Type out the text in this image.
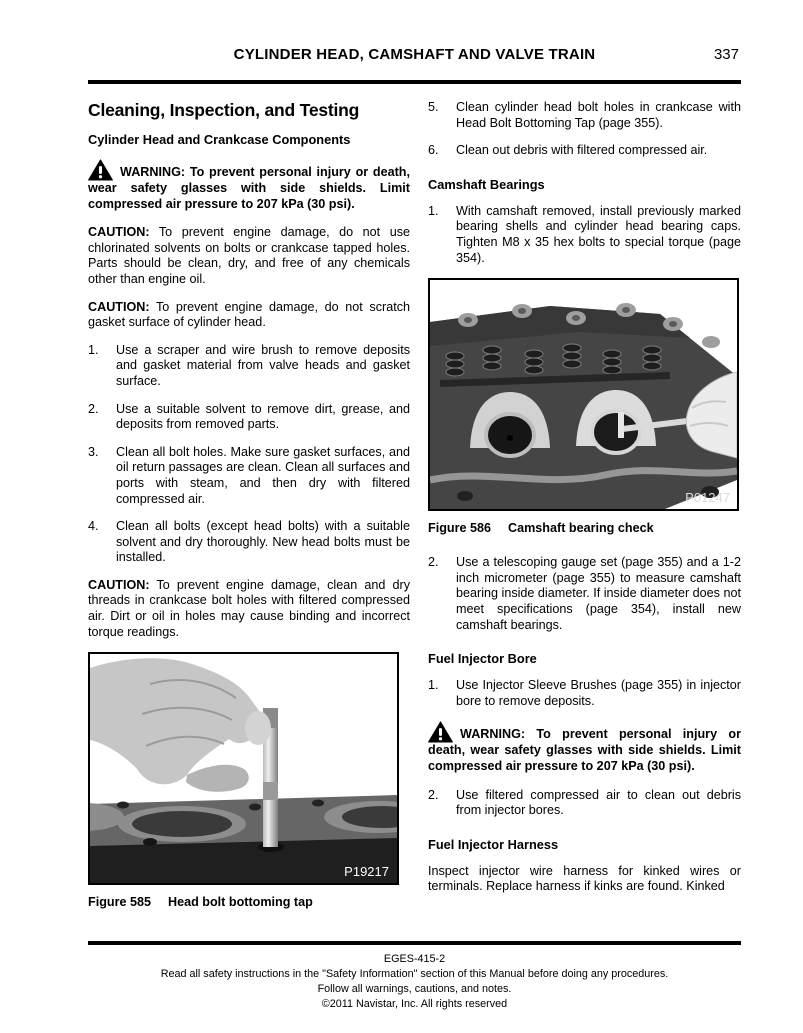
CYLINDER HEAD, CAMSHAFT AND VALVE TRAIN	337
Cleaning, Inspection, and Testing
Cylinder Head and Crankcase Components

WARNING: To prevent personal injury or death, wear safety glasses with side shields. Limit compressed air pressure to 207 kPa (30 psi).

CAUTION: To prevent engine damage, do not use chlorinated solvents on bolts or crankcase tapped holes. Parts should be clean, dry, and free of any chemicals other than engine oil.

CAUTION: To prevent engine damage, do not scratch gasket surface of cylinder head.

1.	Use a scraper and wire brush to remove deposits and gasket material from valve heads and gasket surface.
2.	Use a suitable solvent to remove dirt, grease, and deposits from removed parts.
3.	Clean all bolt holes. Make sure gasket surfaces, and oil return passages are clean. Clean all surfaces and ports with steam, and then dry with filtered compressed air.
4.	Clean all bolts (except head bolts) with a suitable solvent and dry thoroughly. New head bolts must be installed.

CAUTION: To prevent engine damage, clean and dry threads in crankcase bolt holes with filtered compressed air. Dirt or oil in holes may cause binding and incorrect torque readings.

P19217
Figure 585 Head bolt bottoming tap
5.	Clean cylinder head bolt holes in crankcase with Head Bolt Bottoming Tap (page 355).
6.	Clean out debris with filtered compressed air.
Camshaft Bearings
1.	With camshaft removed, install previously marked bearing shells and cylinder head bearing caps. Tighten M8 x 35 hex bolts to special torque (page 354).
P01247
Figure 586 Camshaft bearing check
2.	Use a telescoping gauge set (page 355) and a 1-2 inch micrometer (page 355) to measure camshaft bearing inside diameter. If inside diameter does not meet specifications (page 354), install new camshaft bearings.
Fuel Injector Bore
1.	Use Injector Sleeve Brushes (page 355) in injector bore to remove deposits.

WARNING: To prevent personal injury or death, wear safety glasses with side shields. Limit compressed air pressure to 207 kPa (30 psi).

2.	Use filtered compressed air to clean out debris from injector bores.
Fuel Injector Harness

Inspect injector wire harness for kinked wires or terminals. Replace harness if kinks are found. Kinked

EGES-415-2
Read all safety instructions in the "Safety Information" section of this Manual before doing any procedures.
Follow all warnings, cautions, and notes.
©2011 Navistar, Inc. All rights reserved
